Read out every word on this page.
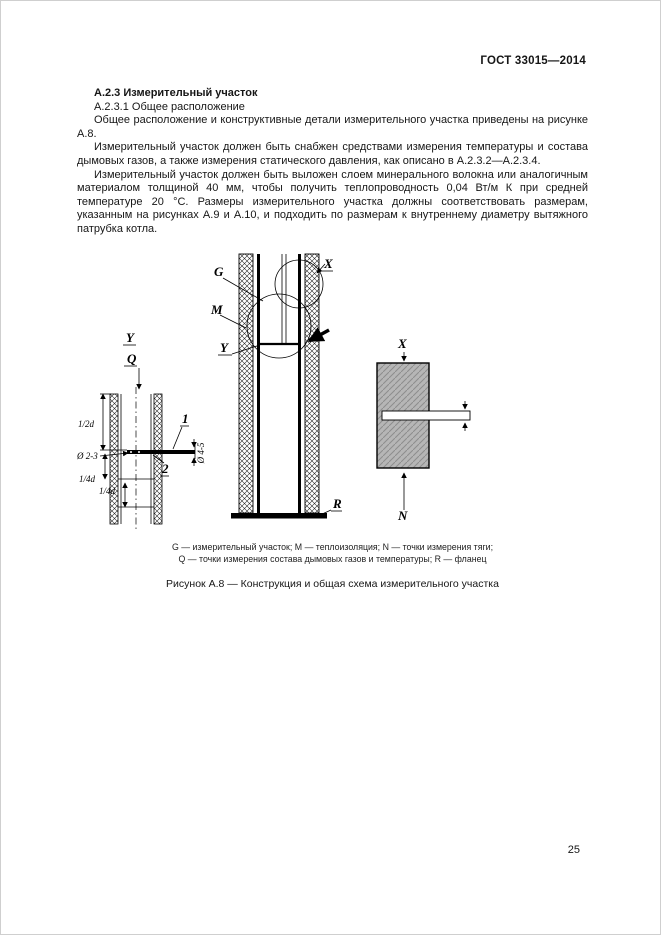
ГОСТ 33015—2014

А.2.3 Измерительный участок

А.2.3.1 Общее расположение

Общее расположение и конструктивные детали измерительного участка приведены на рисунке А.8.

Измерительный участок должен быть снабжен средствами измерения температуры и состава дымовых газов, а также измерения статического давления, как описано в А.2.3.2—А.2.3.4.

Измерительный участок должен быть выложен слоем минерального волокна или аналогичным материалом толщиной 40 мм, чтобы получить теплопроводность 0,04 Вт/м К при средней температуре 20 °С. Размеры измерительного участка должны соответствовать размерам, указанным на рисунках А.9 и А.10, и подходить по размерам к внутреннему диаметру вытяжного патрубка котла.

Y
Q
1
2
1/2d
Ø 2-3
1/4d
1/4d
Ø 4-5
G
M
Y
X
R
X
N
G — измерительный участок; M — теплоизоляция; N — точки измерения тяги;
Q — точки измерения состава дымовых газов и температуры; R — фланец
Рисунок А.8 — Конструкция и общая схема измерительного участка
25
